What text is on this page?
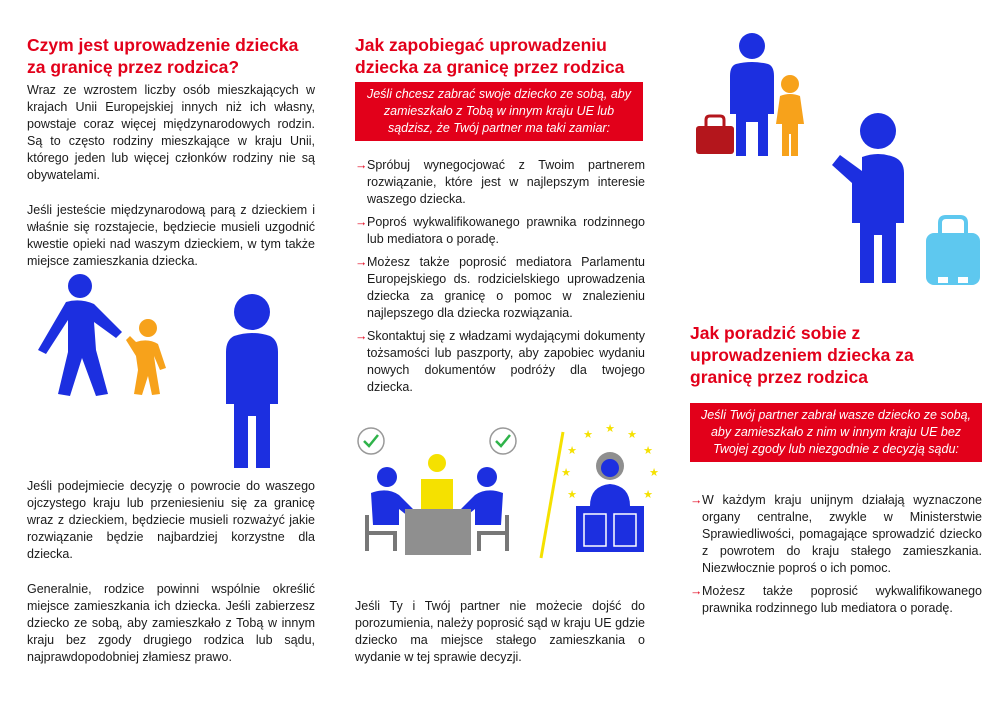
Czym jest uprowadzenie dziecka za granicę przez rodzica?

Wraz ze wzrostem liczby osób mieszkających w krajach Unii Europejskiej innych niż ich własny, powstaje coraz więcej międzynarodowych rodzin. Są to często rodziny mieszkające w kraju Unii, którego jeden lub więcej członków rodziny nie są obywatelami.

Jeśli jesteście międzynarodową parą z dzieckiem i właśnie się rozstajecie, będziecie musieli uzgodnić kwestie opieki nad waszym dzieckiem, w tym także miejsce zamieszkania dziecka.

Jeśli podejmiecie decyzję o powrocie do waszego ojczystego kraju lub przeniesieniu się za granicę wraz z dzieckiem, będziecie musieli rozważyć jakie rozwiązanie będzie najbardziej korzystne dla dziecka.

Generalnie, rodzice powinni wspólnie określić miejsce zamieszkania ich dziecka. Jeśli zabierzesz dziecko ze sobą, aby zamieszkało z Tobą w innym kraju bez zgody drugiego rodzica lub sądu, najprawdopodobniej złamiesz prawo.

Jak zapobiegać uprowadzeniu dziecka za granicę przez rodzica
Jeśli chcesz zabrać swoje dziecko ze sobą, aby zamieszkało z Tobą w innym kraju UE lub sądzisz, że Twój partner ma taki zamiar:
→ Spróbuj wynegocjować z Twoim partnerem rozwiązanie, które jest w najlepszym interesie waszego dziecka.
→ Poproś wykwalifikowanego prawnika rodzinnego lub mediatora o poradę.
→ Możesz także poprosić mediatora Parlamentu Europejskiego ds. rodzicielskiego uprowadzenia dziecka za granicę o pomoc w znalezieniu najlepszego dla dziecka rozwiązania.
→ Skontaktuj się z władzami wydającymi dokumenty tożsamości lub paszporty, aby zapobiec wydaniu nowych dokumentów podróży dla twojego dziecka.
★ ★
★
★
★
★
★
★
★

Jeśli Ty i Twój partner nie możecie dojść do porozumienia, należy poprosić sąd w kraju UE gdzie dziecko ma miejsce stałego zamieszkania o wydanie w tej sprawie decyzji.

Jak poradzić sobie z uprowadzeniem dziecka za granicę przez rodzica
Jeśli Twój partner zabrał wasze dziecko ze sobą, aby zamieszkało z nim w innym kraju UE bez Twojej zgody lub niezgodnie z decyzją sądu:
→ W każdym kraju unijnym działają wyznaczone organy centralne, zwykle w Ministerstwie Sprawiedliwości, pomagające sprowadzić dziecko z powrotem do kraju stałego zamieszkania. Niezwłocznie poproś o ich pomoc.
→ Możesz także poprosić wykwalifikowanego prawnika rodzinnego lub mediatora o poradę.
